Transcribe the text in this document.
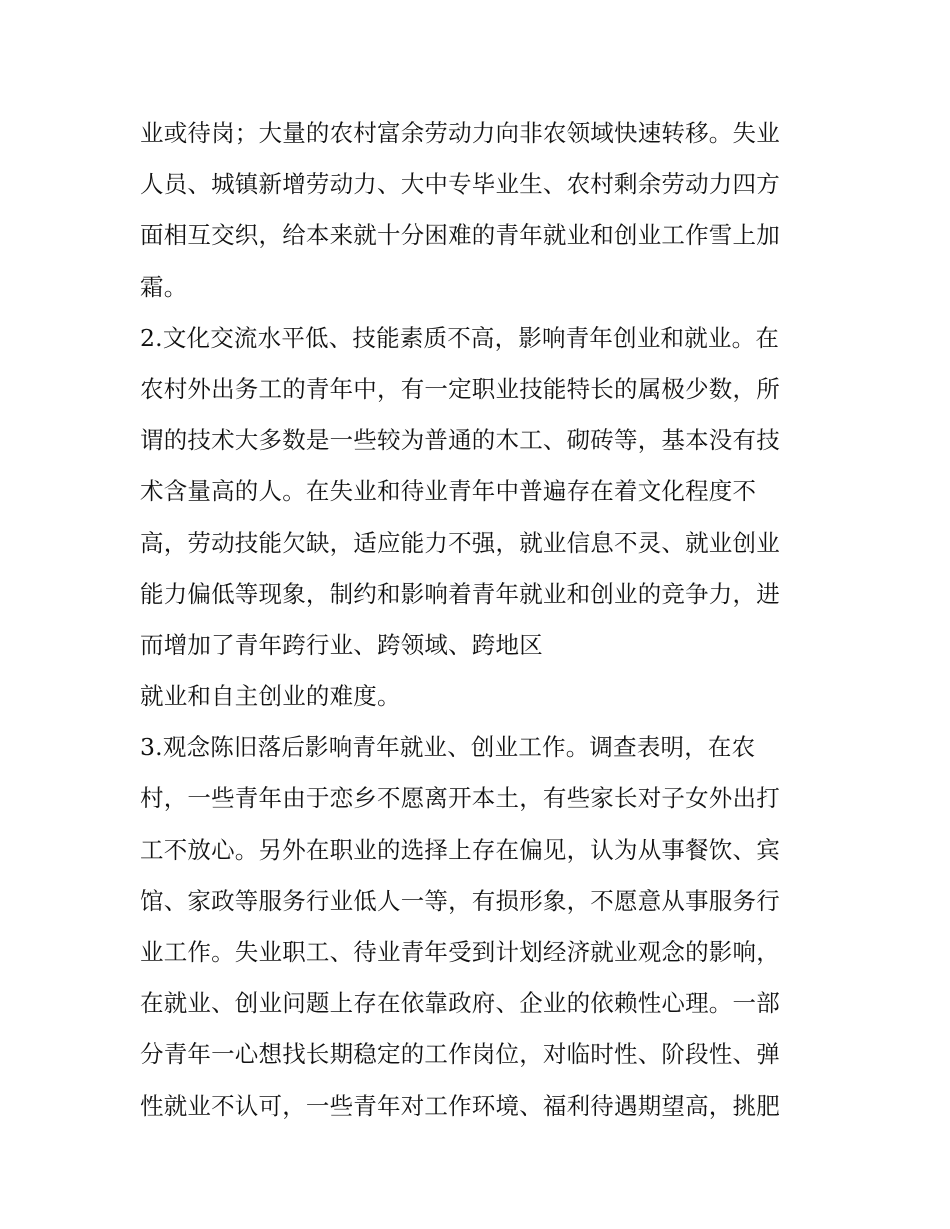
业或待岗；大量的农村富余劳动力向非农领域快速转移。失业
人员、城镇新增劳动力、大中专毕业生、农村剩余劳动力四方
面相互交织，给本来就十分困难的青年就业和创业工作雪上加
霜。
2.文化交流水平低、技能素质不高，影响青年创业和就业。在
农村外出务工的青年中，有一定职业技能特长的属极少数，所
谓的技术大多数是一些较为普通的木工、砌砖等，基本没有技
术含量高的人。在失业和待业青年中普遍存在着文化程度不
高，劳动技能欠缺，适应能力不强，就业信息不灵、就业创业
能力偏低等现象，制约和影响着青年就业和创业的竞争力，进
而增加了青年跨行业、跨领域、跨地区
就业和自主创业的难度。
3.观念陈旧落后影响青年就业、创业工作。调查表明，在农
村，一些青年由于恋乡不愿离开本土，有些家长对子女外出打
工不放心。另外在职业的选择上存在偏见，认为从事餐饮、宾
馆、家政等服务行业低人一等，有损形象，不愿意从事服务行
业工作。失业职工、待业青年受到计划经济就业观念的影响，
在就业、创业问题上存在依靠政府、企业的依赖性心理。一部
分青年一心想找长期稳定的工作岗位，对临时性、阶段性、弹
性就业不认可，一些青年对工作环境、福利待遇期望高，挑肥
